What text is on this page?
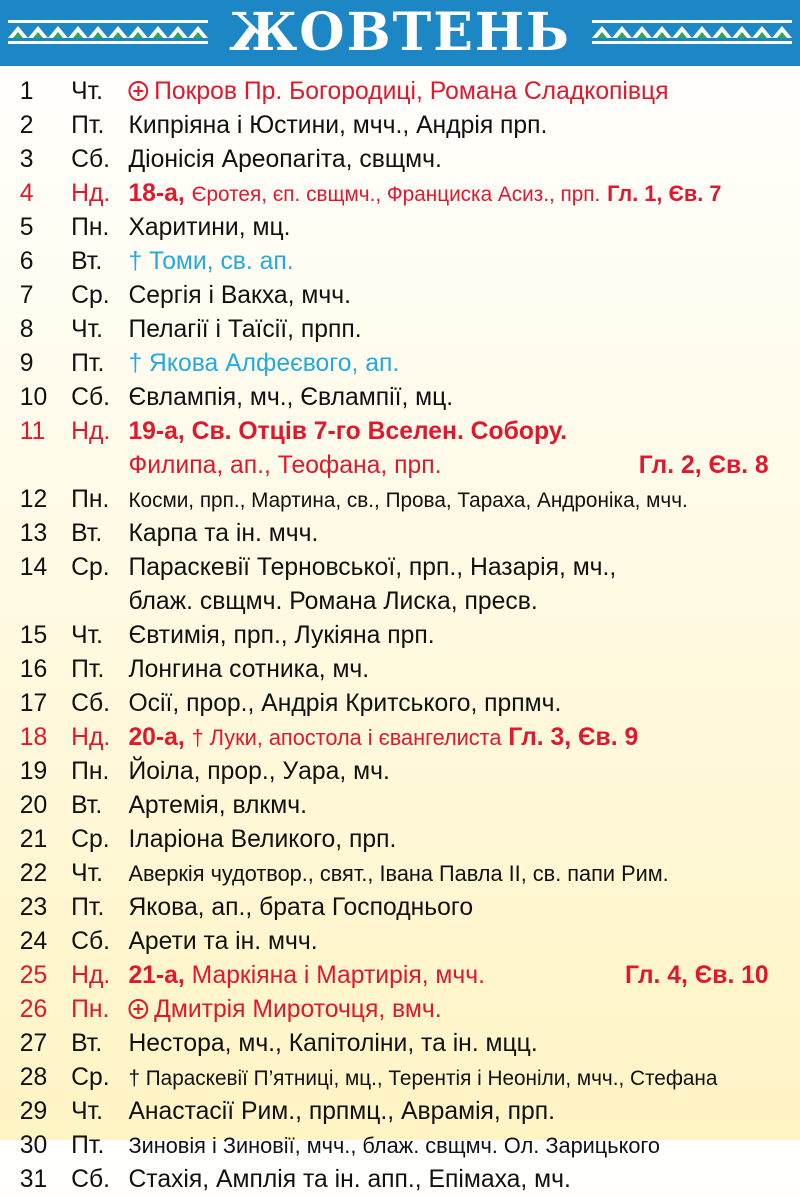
ЖОВТЕНЬ
1	Чт.	Покров Пр. Богородиці, Романа Сладкопівця
2	Пт. Кипріяна і Юстини, мчч., Андрія прп.
3	Сб. Діонісія Ареопагіта, свщмч.
4	Нд. 18-а, Єротея, єп. свщмч., Франциска Асиз., прп. Гл. 1, Єв. 7
5	Пн. Харитини, мц.
6	Вт.	† Томи, св. ап.
7	Ср. Сергія і Вакха, мчч.
8	Чт.	Пелагії і Таїсії, прпп.
9	Пт. † Якова Алфеєвого, ап.
10 Сб. Євлампія, мч., Євлампії, мц.
11	Нд. 19-а, Св. Отців 7-го Вселен. Собору.
Филипа, ап., Теофана, прп.	Гл. 2, Єв. 8
12 Пн. Косми, прп., Мартина, св., Прова, Тараха, Андроніка, мчч.
13 Вт.	Карпа та ін. мчч.
14 Ср. Параскевії Терновської, прп., Назарія, мч.,
блаж. свщмч. Романа Лиска, пресв.
15 Чт.	Євтимія, прп., Лукіяна прп.
16 Пт. Лонгина сотника, мч.
17 Сб. Осії, прор., Андрія Критського, прпмч.
18 Нд. 20-а, † Луки, апостола і євангелиста Гл. 3, Єв. 9
19 Пн. Йоіла, прор., Уара, мч.
20 Вт.	Артемія, влкмч.
21 Ср. Іларіона Великого, прп.
22 Чт.	Аверкія чудотвор., свят., Івана Павла ІІ, св. папи Рим.
23 Пт. Якова, ап., брата Господнього
24 Сб. Арети та ін. мчч.
25 Нд. 21-а, Маркіяна і Мартирія, мчч.	Гл. 4, Єв. 10
26 Пн.	Дмитрія Мироточця, вмч.
27 Вт.	Нестора, мч., Капітоліни, та ін. мцц.
28 Ср. † Параскевії П’ятниці, мц., Терентія і Неоніли, мчч., Стефана
29 Чт.	Анастасії Рим., прпмц., Аврамія, прп.
30 Пт.	Зиновія і Зиновії, мчч., блаж. свщмч. Ол. Зарицького
31 Сб. Стахія, Амплія та ін. апп., Епімаха, мч.
